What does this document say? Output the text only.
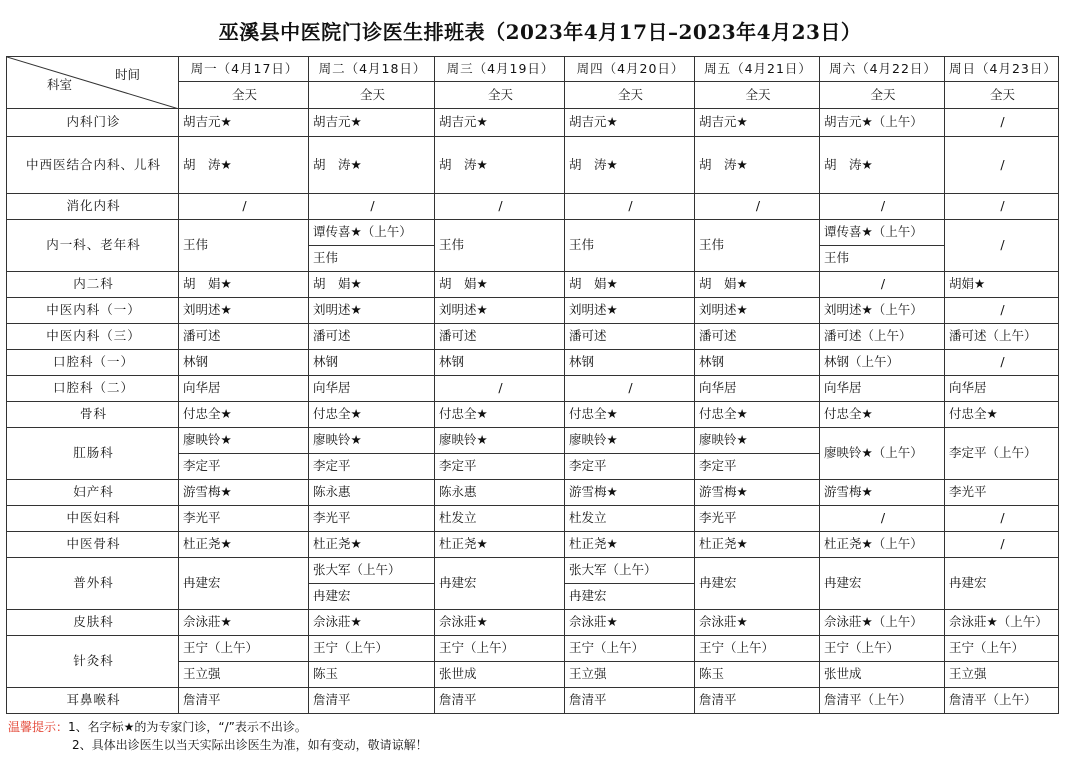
巫溪县中医院门诊医生排班表（2023年4月17日–2023年4月23日）
科室
时间	周一（4月17日）	周二（4月18日）	周三（4月19日）	周四（4月20日）	周五（4月21日）	周六（4月22日）	周日（4月23日）
	全天	全天	全天	全天	全天	全天	全天
内科门诊	胡吉元★	胡吉元★	胡吉元★	胡吉元★	胡吉元★	胡吉元★（上午）	/
中西医结合内科、儿科	胡　涛★	胡　涛★	胡　涛★	胡　涛★	胡　涛★	胡　涛★	/
消化内科	/	/	/	/	/	/	/
内一科、老年科	王伟	谭传喜★（上午）	王伟	王伟	王伟	谭传喜★（上午）	/
		王伟				王伟	
内二科	胡　娟★	胡　娟★	胡　娟★	胡　娟★	胡　娟★	/	胡娟★
中医内科（一）	刘明述★	刘明述★	刘明述★	刘明述★	刘明述★	刘明述★（上午）	/
中医内科（三）	潘可述	潘可述	潘可述	潘可述	潘可述	潘可述（上午）	潘可述（上午）
口腔科（一）	林钢	林钢	林钢	林钢	林钢	林钢（上午）	/
口腔科（二）	向华居	向华居	/	/	向华居	向华居	向华居
骨科	付忠全★	付忠全★	付忠全★	付忠全★	付忠全★	付忠全★	付忠全★
肛肠科	廖映铃★	廖映铃★	廖映铃★	廖映铃★	廖映铃★	廖映铃★（上午）	李定平（上午）
	李定平	李定平	李定平	李定平	李定平		
妇产科	游雪梅★	陈永惠	陈永惠	游雪梅★	游雪梅★	游雪梅★	李光平
中医妇科	李光平	李光平	杜发立	杜发立	李光平	/	/
中医骨科	杜正尧★	杜正尧★	杜正尧★	杜正尧★	杜正尧★	杜正尧★（上午）	/
普外科	冉建宏	张大军（上午）	冉建宏	张大军（上午）	冉建宏	冉建宏	冉建宏
		冉建宏		冉建宏			
皮肤科	佘泳莊★	佘泳莊★	佘泳莊★	佘泳莊★	佘泳莊★	佘泳莊★（上午）	佘泳莊★（上午）
针灸科	王宁（上午）	王宁（上午）	王宁（上午）	王宁（上午）	王宁（上午）	王宁（上午）	王宁（上午）
	王立强	陈玉	张世成	王立强	陈玉	张世成	王立强
耳鼻喉科	詹清平	詹清平	詹清平	詹清平	詹清平	詹清平（上午）	詹清平（上午）
温馨提示：1、名字标★的为专家门诊，“/”表示不出诊。
2、具体出诊医生以当天实际出诊医生为准，如有变动，敬请谅解！
